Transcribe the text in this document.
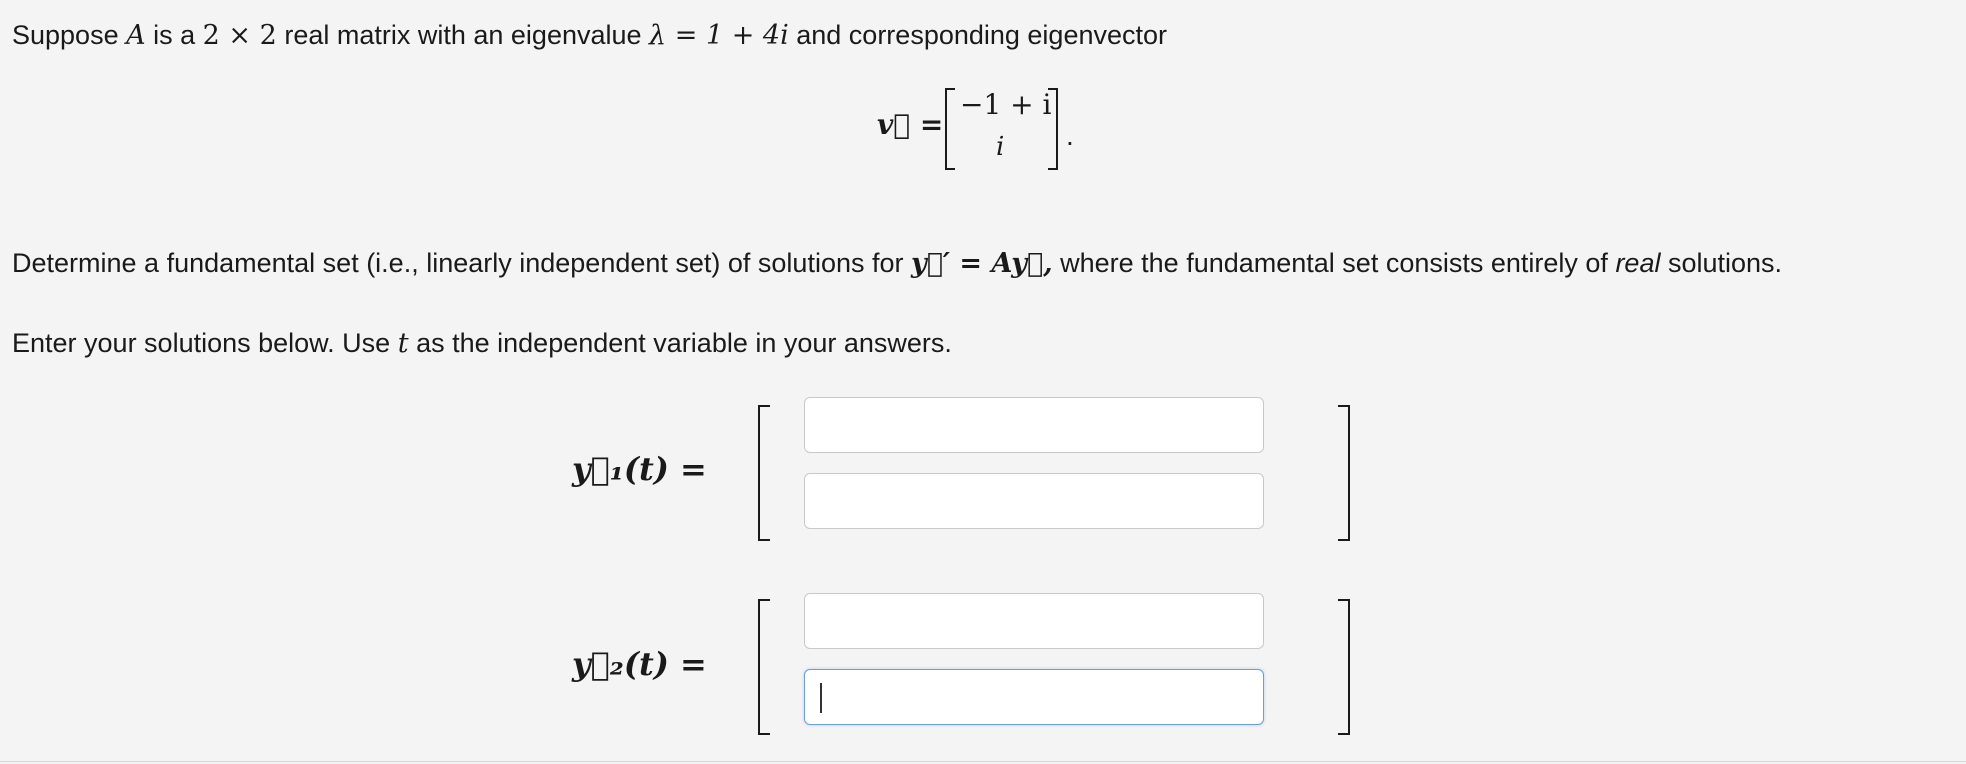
Suppose A is a 2 × 2 real matrix with an eigenvalue λ = 1 + 4i and corresponding eigenvector
v⃗ =
−1 + i
i .
Determine a fundamental set (i.e., linearly independent set) of solutions for y⃗′ = Ay⃗, where the fundamental set consists entirely of real solutions.
Enter your solutions below. Use t as the independent variable in your answers.
y⃗₁(t) =
y⃗₂(t) =
